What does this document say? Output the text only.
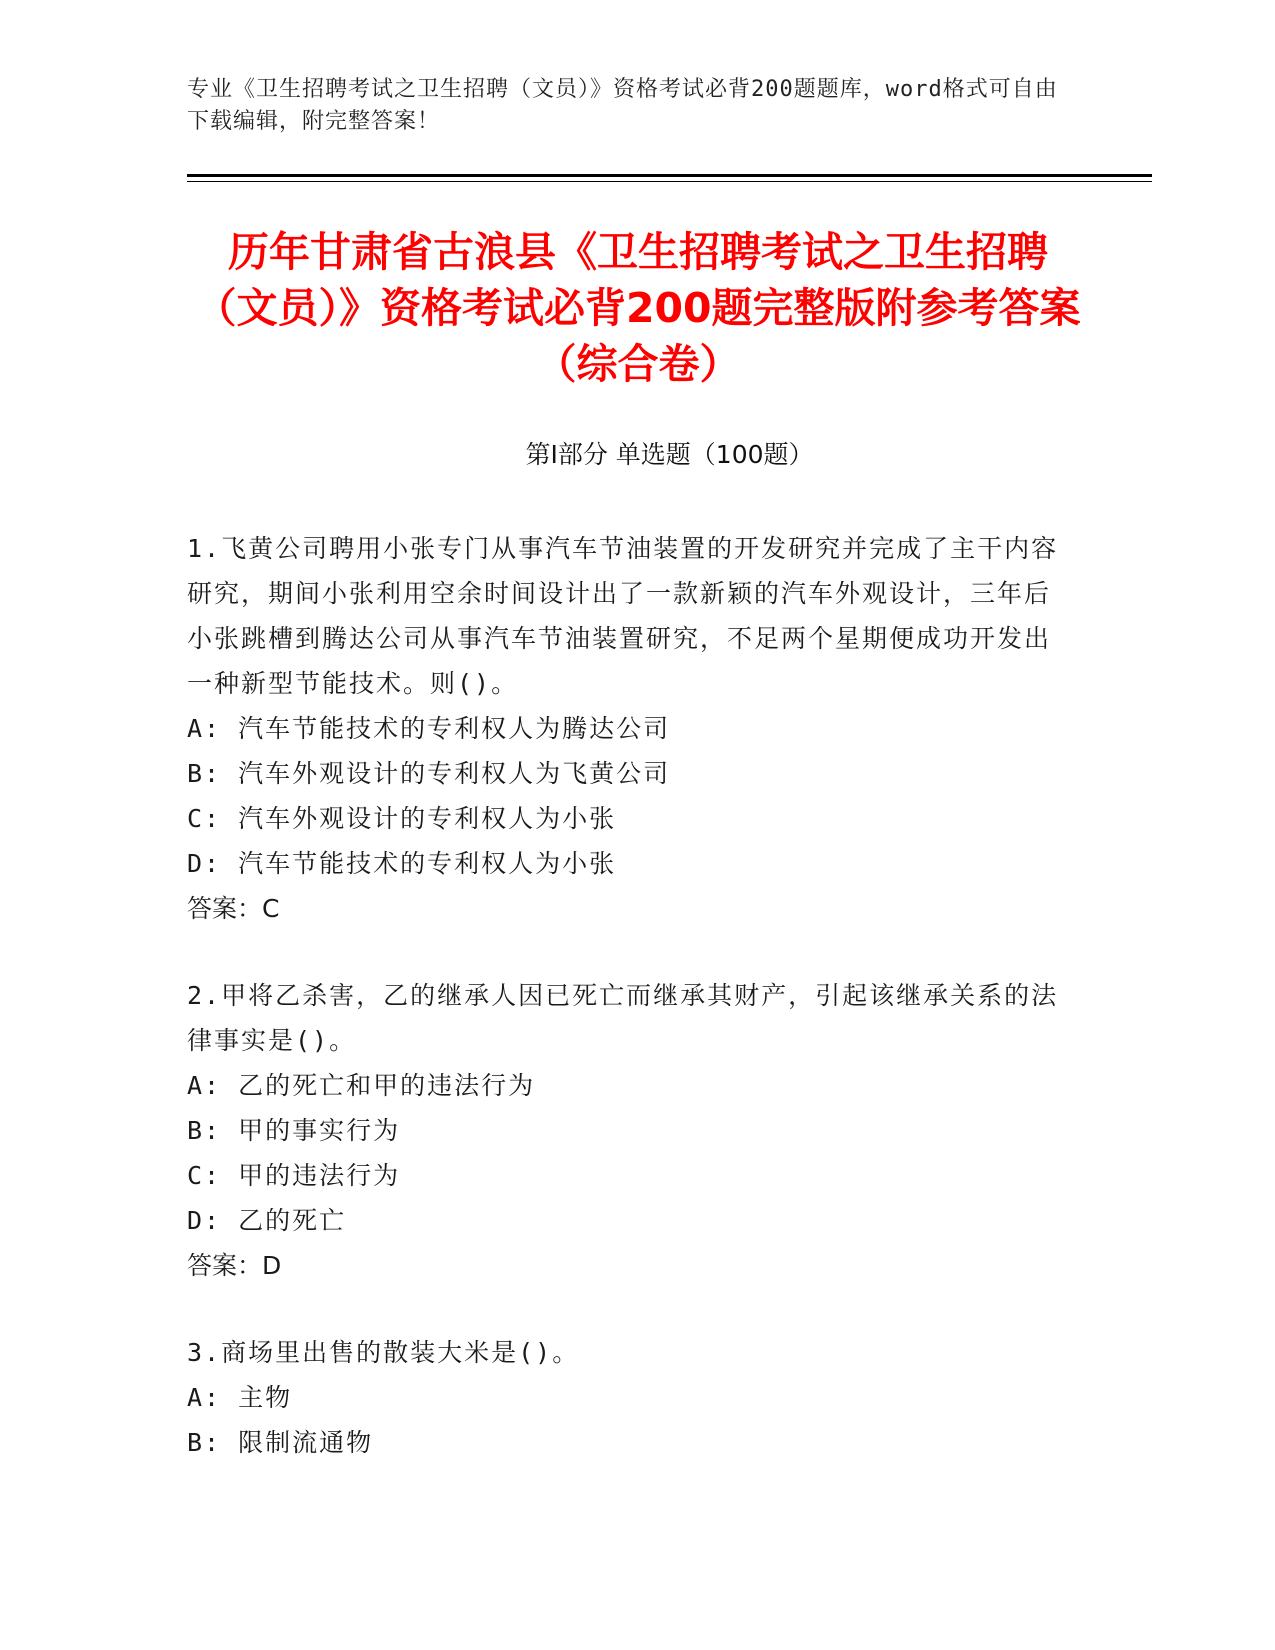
专业《卫生招聘考试之卫生招聘（文员）》资格考试必背200题题库，word格式可自由下载编辑，附完整答案！
历年甘肃省古浪县《卫生招聘考试之卫生招聘（文员）》资格考试必背200题完整版附参考答案（综合卷）
第Ⅰ部分 单选题（100题）

1.飞黄公司聘用小张专门从事汽车节油装置的开发研究并完成了主干内容研究，期间小张利用空余时间设计出了一款新颖的汽车外观设计，三年后小张跳槽到腾达公司从事汽车节油装置研究，不足两个星期便成功开发出一种新型节能技术。则()。

A: 汽车节能技术的专利权人为腾达公司

B: 汽车外观设计的专利权人为飞黄公司

C: 汽车外观设计的专利权人为小张

D: 汽车节能技术的专利权人为小张

答案：C

2.甲将乙杀害，乙的继承人因已死亡而继承其财产，引起该继承关系的法律事实是()。

A: 乙的死亡和甲的违法行为

B: 甲的事实行为

C: 甲的违法行为

D: 乙的死亡

答案：D

3.商场里出售的散装大米是()。

A: 主物

B: 限制流通物
